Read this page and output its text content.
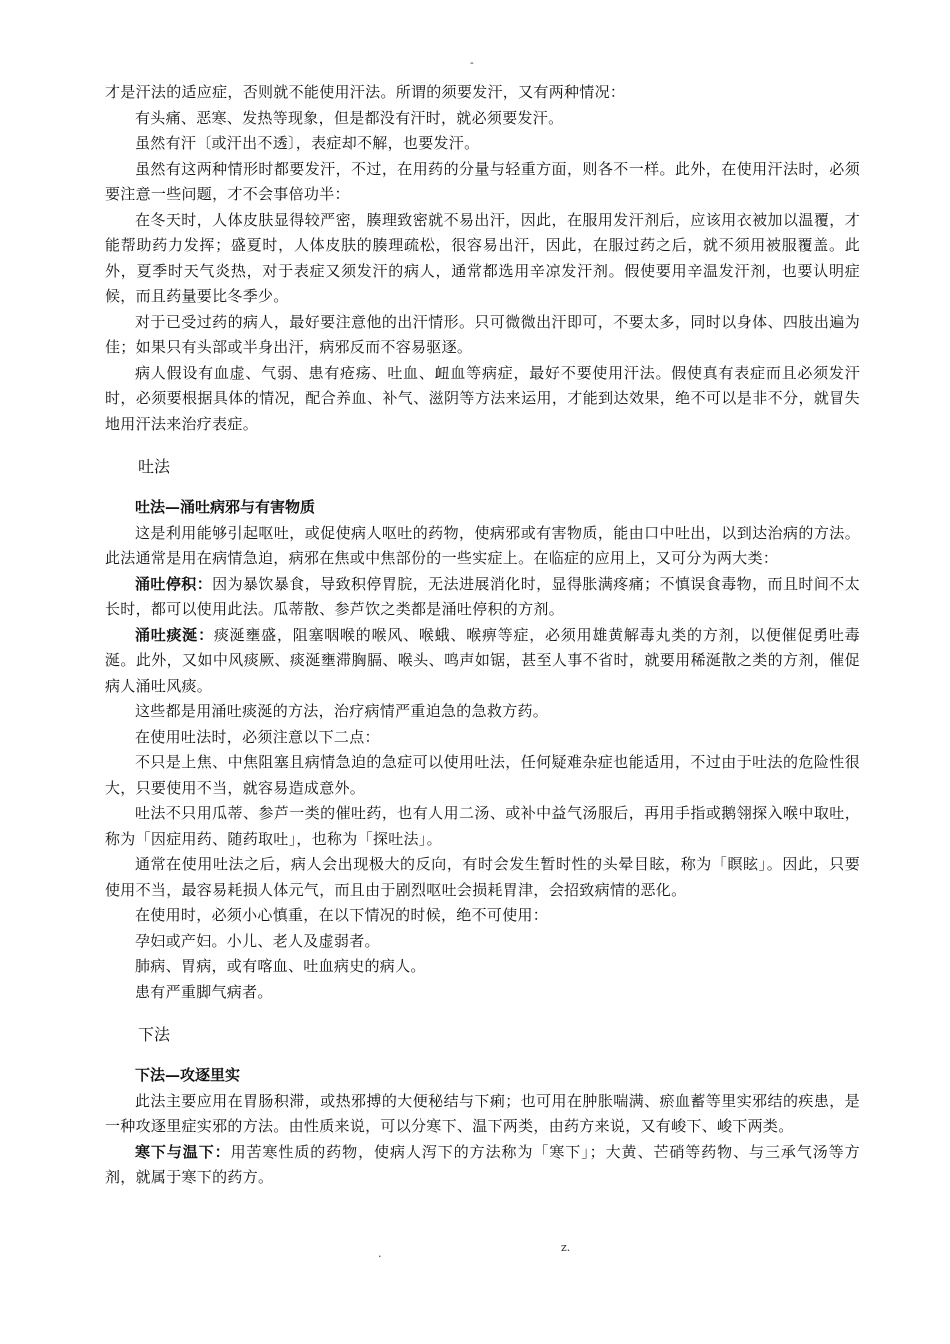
-

才是汗法的适应症，否则就不能使用汗法。所谓的须要发汗，又有两种情况：

有头痛、恶寒、发热等现象，但是都没有汗时，就必须要发汗。

虽然有汗〔或汗出不透〕，表症却不解，也要发汗。

虽然有这两种情形时都要发汗，不过，在用药的分量与轻重方面，则各不一样。此外，在使用汗法时，必须要注意一些问题，才不会事倍功半：

在冬天时，人体皮肤显得较严密，腠理致密就不易出汗，因此，在服用发汗剂后，应该用衣被加以温覆，才能帮助药力发挥；盛夏时，人体皮肤的腠理疏松，很容易出汗，因此，在服过药之后，就不须用被服覆盖。此外，夏季时天气炎热，对于表症又须发汗的病人，通常都选用辛凉发汗剂。假使要用辛温发汗剂，也要认明症候，而且药量要比冬季少。

对于已受过药的病人，最好要注意他的出汗情形。只可微微出汗即可，不要太多，同时以身体、四肢出遍为佳；如果只有头部或半身出汗，病邪反而不容易驱逐。

病人假设有血虚、气弱、患有疮疡、吐血、衄血等病症，最好不要使用汗法。假使真有表症而且必须发汗时，必须要根据具体的情况，配合养血、补气、滋阴等方法来运用，才能到达效果，绝不可以是非不分，就冒失地用汗法来治疗表症。

吐法
吐法—涌吐病邪与有害物质

这是利用能够引起呕吐，或促使病人呕吐的药物，使病邪或有害物质，能由口中吐出，以到达治病的方法。此法通常是用在病情急迫，病邪在焦或中焦部份的一些实症上。在临症的应用上，又可分为两大类：

涌吐停积：因为暴饮暴食，导致积停胃脘，无法进展消化时，显得胀满疼痛；不慎误食毒物，而且时间不太长时，都可以使用此法。瓜蒂散、参芦饮之类都是涌吐停积的方剂。

涌吐痰涎：痰涎壅盛，阻塞咽喉的喉风、喉蛾、喉痹等症，必须用雄黄解毒丸类的方剂，以便催促勇吐毒涎。此外，又如中风痰厥、痰涎壅滞胸膈、喉头、鸣声如锯，甚至人事不省时，就要用稀涎散之类的方剂，催促病人涌吐风痰。

这些都是用涌吐痰涎的方法，治疗病情严重迫急的急救方药。

在使用吐法时，必须注意以下二点：

不只是上焦、中焦阻塞且病情急迫的急症可以使用吐法，任何疑难杂症也能适用，不过由于吐法的危险性很大，只要使用不当，就容易造成意外。

吐法不只用瓜蒂、参芦一类的催吐药，也有人用二汤、或补中益气汤服后，再用手指或鹅翎探入喉中取吐，称为「因症用药、随药取吐」，也称为「探吐法」。

通常在使用吐法之后，病人会出现极大的反向，有时会发生暂时性的头晕目眩，称为「瞑眩」。因此，只要使用不当，最容易耗损人体元气，而且由于剧烈呕吐会损耗胃津，会招致病情的恶化。

在使用时，必须小心慎重，在以下情况的时候，绝不可使用：

孕妇或产妇。小儿、老人及虚弱者。

肺病、胃病，或有喀血、吐血病史的病人。

患有严重脚气病者。

下法
下法—攻逐里实

此法主要应用在胃肠积滞，或热邪搏的大便秘结与下痢；也可用在肿胀喘满、瘀血蓄等里实邪结的疾患，是一种攻逐里症实邪的方法。由性质来说，可以分寒下、温下两类，由药方来说，又有峻下、峻下两类。

寒下与温下：用苦寒性质的药物，使病人泻下的方法称为「寒下」；大黄、芒硝等药物、与三承气汤等方剂，就属于寒下的药方。

.	z.
